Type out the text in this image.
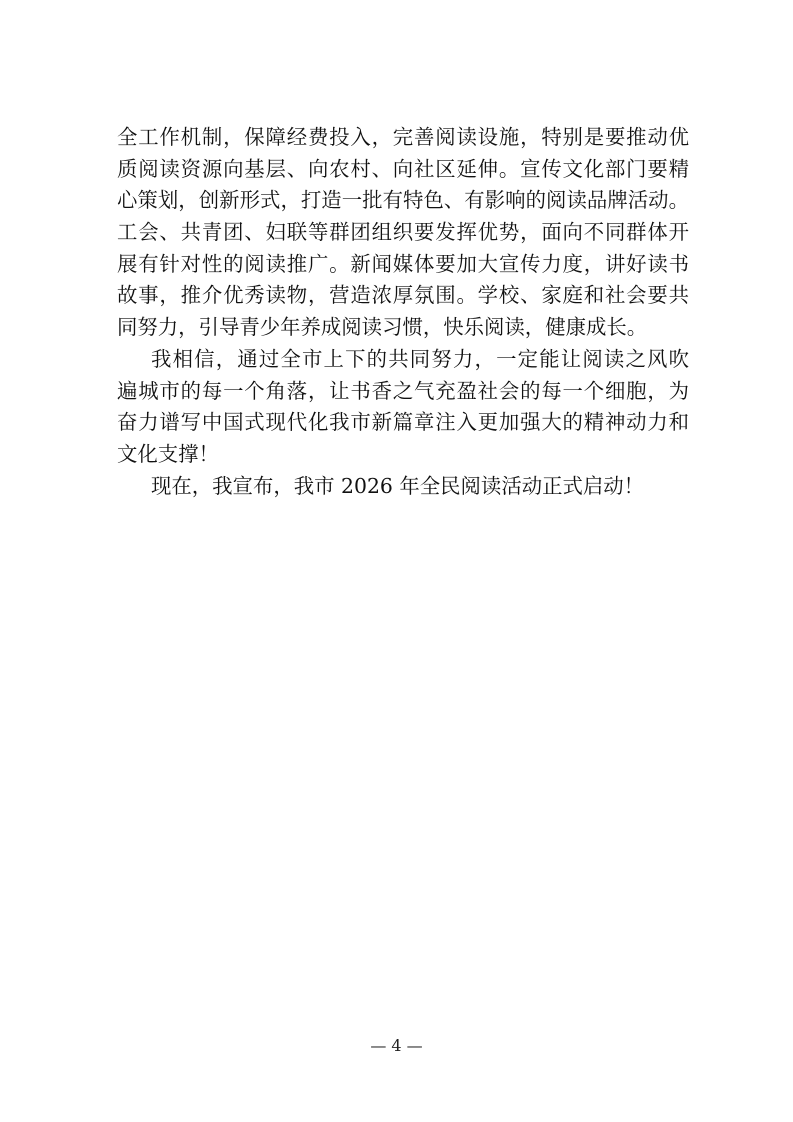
全工作机制，保障经费投入，完善阅读设施，特别是要推动优
质阅读资源向基层、向农村、向社区延伸。宣传文化部门要精
心策划，创新形式，打造一批有特色、有影响的阅读品牌活动。
工会、共青团、妇联等群团组织要发挥优势，面向不同群体开
展有针对性的阅读推广。新闻媒体要加大宣传力度，讲好读书
故事，推介优秀读物，营造浓厚氛围。学校、家庭和社会要共
同努力，引导青少年养成阅读习惯，快乐阅读，健康成长。
我相信，通过全市上下的共同努力，一定能让阅读之风吹
遍城市的每一个角落，让书香之气充盈社会的每一个细胞，为
奋力谱写中国式现代化我市新篇章注入更加强大的精神动力和
文化支撑！
现在，我宣布，我市 2026 年全民阅读活动正式启动！
— 4 —
